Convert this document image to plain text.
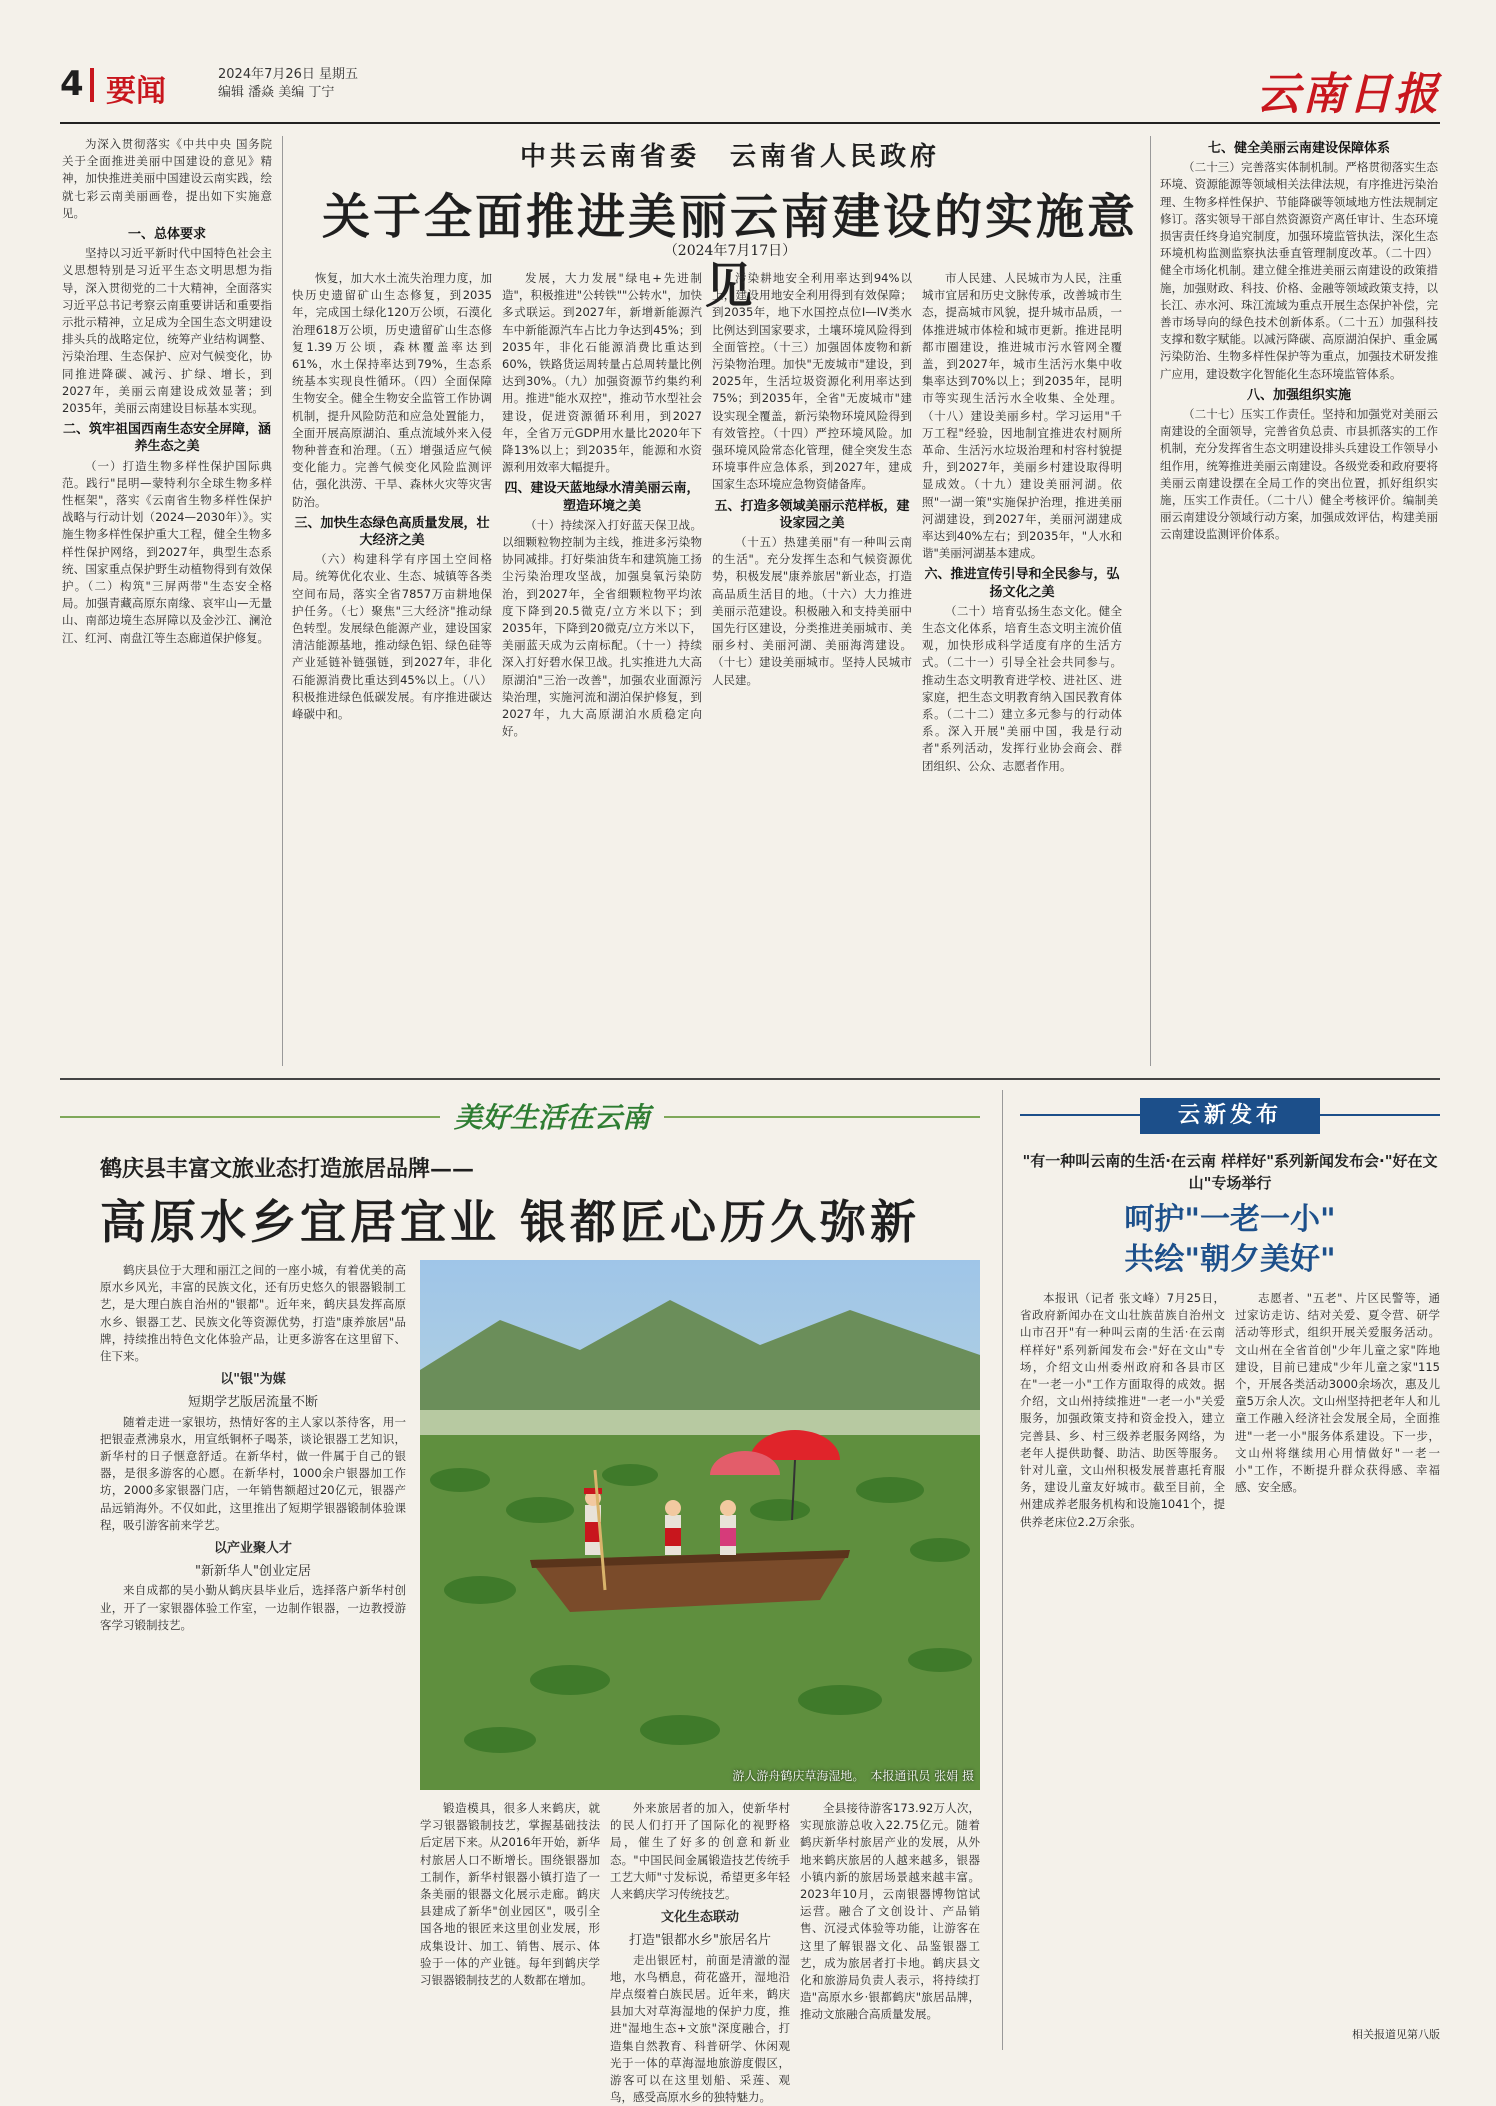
4 要闻	2024年7月26日 星期五
编辑 潘焱 美编 丁宁	云南日报
中共云南省委　云南省人民政府
关于全面推进美丽云南建设的实施意见
（2024年7月17日）

为深入贯彻落实《中共中央 国务院关于全面推进美丽中国建设的意见》精神，加快推进美丽中国建设云南实践，绘就七彩云南美丽画卷，提出如下实施意见。

一、总体要求

坚持以习近平新时代中国特色社会主义思想特别是习近平生态文明思想为指导，深入贯彻党的二十大精神，全面落实习近平总书记考察云南重要讲话和重要指示批示精神，立足成为全国生态文明建设排头兵的战略定位，统筹产业结构调整、污染治理、生态保护、应对气候变化，协同推进降碳、减污、扩绿、增长，到2027年，美丽云南建设成效显著；到2035年，美丽云南建设目标基本实现。

二、筑牢祖国西南生态安全屏障，涵养生态之美

（一）打造生物多样性保护国际典范。践行"昆明—蒙特利尔全球生物多样性框架"，落实《云南省生物多样性保护战略与行动计划（2024—2030年）》。实施生物多样性保护重大工程，健全生物多样性保护网络，到2027年，典型生态系统、国家重点保护野生动植物得到有效保护。（二）构筑"三屏两带"生态安全格局。加强青藏高原东南缘、哀牢山—无量山、南部边境生态屏障以及金沙江、澜沧江、红河、南盘江等生态廊道保护修复。

恢复，加大水土流失治理力度，加快历史遗留矿山生态修复，到2035年，完成国土绿化120万公顷，石漠化治理618万公顷，历史遗留矿山生态修复1.39万公顷，森林覆盖率达到61%，水土保持率达到79%，生态系统基本实现良性循环。（四）全面保障生物安全。健全生物安全监管工作协调机制，提升风险防范和应急处置能力，全面开展高原湖泊、重点流域外来入侵物种普查和治理。（五）增强适应气候变化能力。完善气候变化风险监测评估，强化洪涝、干旱、森林火灾等灾害防治。

三、加快生态绿色高质量发展，壮大经济之美

（六）构建科学有序国土空间格局。统筹优化农业、生态、城镇等各类空间布局，落实全省7857万亩耕地保护任务。（七）聚焦"三大经济"推动绿色转型。发展绿色能源产业，建设国家清洁能源基地，推动绿色铝、绿色硅等产业延链补链强链，到2027年，非化石能源消费比重达到45%以上。（八）积极推进绿色低碳发展。有序推进碳达峰碳中和。

发展，大力发展"绿电+先进制造"，积极推进"公转铁""公转水"，加快多式联运。到2027年，新增新能源汽车中新能源汽车占比力争达到45%；到2035年，非化石能源消费比重达到60%，铁路货运周转量占总周转量比例达到30%。（九）加强资源节约集约利用。推进"能水双控"，推动节水型社会建设，促进资源循环利用，到2027年，全省万元GDP用水量比2020年下降13%以上；到2035年，能源和水资源利用效率大幅提升。

四、建设天蓝地绿水清美丽云南，塑造环境之美

（十）持续深入打好蓝天保卫战。以细颗粒物控制为主线，推进多污染物协同减排。打好柴油货车和建筑施工扬尘污染治理攻坚战，加强臭氧污染防治，到2027年，全省细颗粒物平均浓度下降到20.5微克/立方米以下；到2035年，下降到20微克/立方米以下，美丽蓝天成为云南标配。（十一）持续深入打好碧水保卫战。扎实推进九大高原湖泊"三治一改善"，加强农业面源污染治理，实施河流和湖泊保护修复，到2027年，九大高原湖泊水质稳定向好。

污染耕地安全利用率达到94%以上，建设用地安全利用得到有效保障；到2035年，地下水国控点位I—IV类水比例达到国家要求，土壤环境风险得到全面管控。（十三）加强固体废物和新污染物治理。加快"无废城市"建设，到2025年，生活垃圾资源化利用率达到75%；到2035年，全省"无废城市"建设实现全覆盖，新污染物环境风险得到有效管控。（十四）严控环境风险。加强环境风险常态化管理，健全突发生态环境事件应急体系，到2027年，建成国家生态环境应急物资储备库。

五、打造多领域美丽示范样板，建设家园之美

（十五）热建美丽"有一种叫云南的生活"。充分发挥生态和气候资源优势，积极发展"康养旅居"新业态，打造高品质生活目的地。（十六）大力推进美丽示范建设。积极融入和支持美丽中国先行区建设，分类推进美丽城市、美丽乡村、美丽河湖、美丽海湾建设。（十七）建设美丽城市。坚持人民城市人民建。

市人民建、人民城市为人民，注重城市宜居和历史文脉传承，改善城市生态，提高城市风貌，提升城市品质，一体推进城市体检和城市更新。推进昆明都市圈建设，推进城市污水管网全覆盖，到2027年，城市生活污水集中收集率达到70%以上；到2035年，昆明市等实现生活污水全收集、全处理。（十八）建设美丽乡村。学习运用"千万工程"经验，因地制宜推进农村厕所革命、生活污水垃圾治理和村容村貌提升，到2027年，美丽乡村建设取得明显成效。（十九）建设美丽河湖。依照"一湖一策"实施保护治理，推进美丽河湖建设，到2027年，美丽河湖建成率达到40%左右；到2035年，"人水和谐"美丽河湖基本建成。

六、推进宣传引导和全民参与，弘扬文化之美

（二十）培育弘扬生态文化。健全生态文化体系，培育生态文明主流价值观，加快形成科学适度有序的生活方式。（二十一）引导全社会共同参与。推动生态文明教育进学校、进社区、进家庭，把生态文明教育纳入国民教育体系。（二十二）建立多元参与的行动体系。深入开展"美丽中国，我是行动者"系列活动，发挥行业协会商会、群团组织、公众、志愿者作用。

七、健全美丽云南建设保障体系

（二十三）完善落实体制机制。严格贯彻落实生态环境、资源能源等领域相关法律法规，有序推进污染治理、生物多样性保护、节能降碳等领域地方性法规制定修订。落实领导干部自然资源资产离任审计、生态环境损害责任终身追究制度，加强环境监管执法，深化生态环境机构监测监察执法垂直管理制度改革。（二十四）健全市场化机制。建立健全推进美丽云南建设的政策措施，加强财政、科技、价格、金融等领域政策支持，以长江、赤水河、珠江流域为重点开展生态保护补偿，完善市场导向的绿色技术创新体系。（二十五）加强科技支撑和数字赋能。以减污降碳、高原湖泊保护、重金属污染防治、生物多样性保护等为重点，加强技术研发推广应用，建设数字化智能化生态环境监管体系。

八、加强组织实施

（二十七）压实工作责任。坚持和加强党对美丽云南建设的全面领导，完善省负总责、市县抓落实的工作机制，充分发挥省生态文明建设排头兵建设工作领导小组作用，统筹推进美丽云南建设。各级党委和政府要将美丽云南建设摆在全局工作的突出位置，抓好组织实施，压实工作责任。（二十八）健全考核评价。编制美丽云南建设分领域行动方案，加强成效评估，构建美丽云南建设监测评价体系。

美好生活在云南
鹤庆县丰富文旅业态打造旅居品牌——
高原水乡宜居宜业 银都匠心历久弥新

鹤庆县位于大理和丽江之间的一座小城，有着优美的高原水乡风光，丰富的民族文化，还有历史悠久的银器锻制工艺，是大理白族自治州的"银都"。近年来，鹤庆县发挥高原水乡、银器工艺、民族文化等资源优势，打造"康养旅居"品牌，持续推出特色文化体验产品，让更多游客在这里留下、住下来。

以"银"为媒
短期学艺版居流量不断

随着走进一家银坊，热情好客的主人家以茶待客，用一把银壶煮沸泉水，用宣纸铜杯子喝茶，谈论银器工艺知识，新华村的日子惬意舒适。在新华村，做一件属于自己的银器，是很多游客的心愿。在新华村，1000余户银器加工作坊，2000多家银器门店，一年销售额超过20亿元，银器产品远销海外。不仅如此，这里推出了短期学银器锻制体验课程，吸引游客前来学艺。

以产业聚人才
"新新华人"创业定居

来自成都的吴小勤从鹤庆县毕业后，选择落户新华村创业，开了一家银器体验工作室，一边制作银器，一边教授游客学习锻制技艺。

游人游舟鹤庆草海湿地。　本报通讯员 张娟 摄

锻造模具，很多人来鹤庆，就学习银器锻制技艺，掌握基础技法后定居下来。从2016年开始，新华村旅居人口不断增长。围绕银器加工制作，新华村银器小镇打造了一条美丽的银器文化展示走廊。鹤庆县建成了新华"创业园区"，吸引全国各地的银匠来这里创业发展，形成集设计、加工、销售、展示、体验于一体的产业链。每年到鹤庆学习银器锻制技艺的人数都在增加。

外来旅居者的加入，使新华村的民人们打开了国际化的视野格局，催生了好多的创意和新业态。"中国民间金属锻造技艺传统手工艺大师"寸发标说，希望更多年轻人来鹤庆学习传统技艺。

文化生态联动
打造"银都水乡"旅居名片

走出银匠村，前面是清澈的湿地，水鸟栖息，荷花盛开，湿地沿岸点缀着白族民居。近年来，鹤庆县加大对草海湿地的保护力度，推进"湿地生态+文旅"深度融合，打造集自然教育、科普研学、休闲观光于一体的草海湿地旅游度假区，游客可以在这里划船、采莲、观鸟，感受高原水乡的独特魅力。

全县接待游客173.92万人次，实现旅游总收入22.75亿元。随着鹤庆新华村旅居产业的发展，从外地来鹤庆旅居的人越来越多，银器小镇内新的旅居场景越来越丰富。2023年10月，云南银器博物馆试运营。融合了文创设计、产品销售、沉浸式体验等功能，让游客在这里了解银器文化、品鉴银器工艺，成为旅居者打卡地。鹤庆县文化和旅游局负责人表示，将持续打造"高原水乡·银都鹤庆"旅居品牌，推动文旅融合高质量发展。

云新发布
"有一种叫云南的生活·在云南 样样好"系列新闻发布会·"好在文山"专场举行
呵护"一老一小"
共绘"朝夕美好"

本报讯（记者 张文峰）7月25日，省政府新闻办在文山壮族苗族自治州文山市召开"有一种叫云南的生活·在云南 样样好"系列新闻发布会·"好在文山"专场，介绍文山州委州政府和各县市区在"一老一小"工作方面取得的成效。据介绍，文山州持续推进"一老一小"关爱服务，加强政策支持和资金投入，建立完善县、乡、村三级养老服务网络，为老年人提供助餐、助洁、助医等服务。针对儿童，文山州积极发展普惠托育服务，建设儿童友好城市。截至目前，全州建成养老服务机构和设施1041个，提供养老床位2.2万余张。

志愿者、"五老"、片区民警等，通过家访走访、结对关爱、夏令营、研学活动等形式，组织开展关爱服务活动。文山州在全省首创"少年儿童之家"阵地建设，目前已建成"少年儿童之家"115个，开展各类活动3000余场次，惠及儿童5万余人次。文山州坚持把老年人和儿童工作融入经济社会发展全局，全面推进"一老一小"服务体系建设。下一步，文山州将继续用心用情做好"一老一小"工作，不断提升群众获得感、幸福感、安全感。

相关报道见第八版
